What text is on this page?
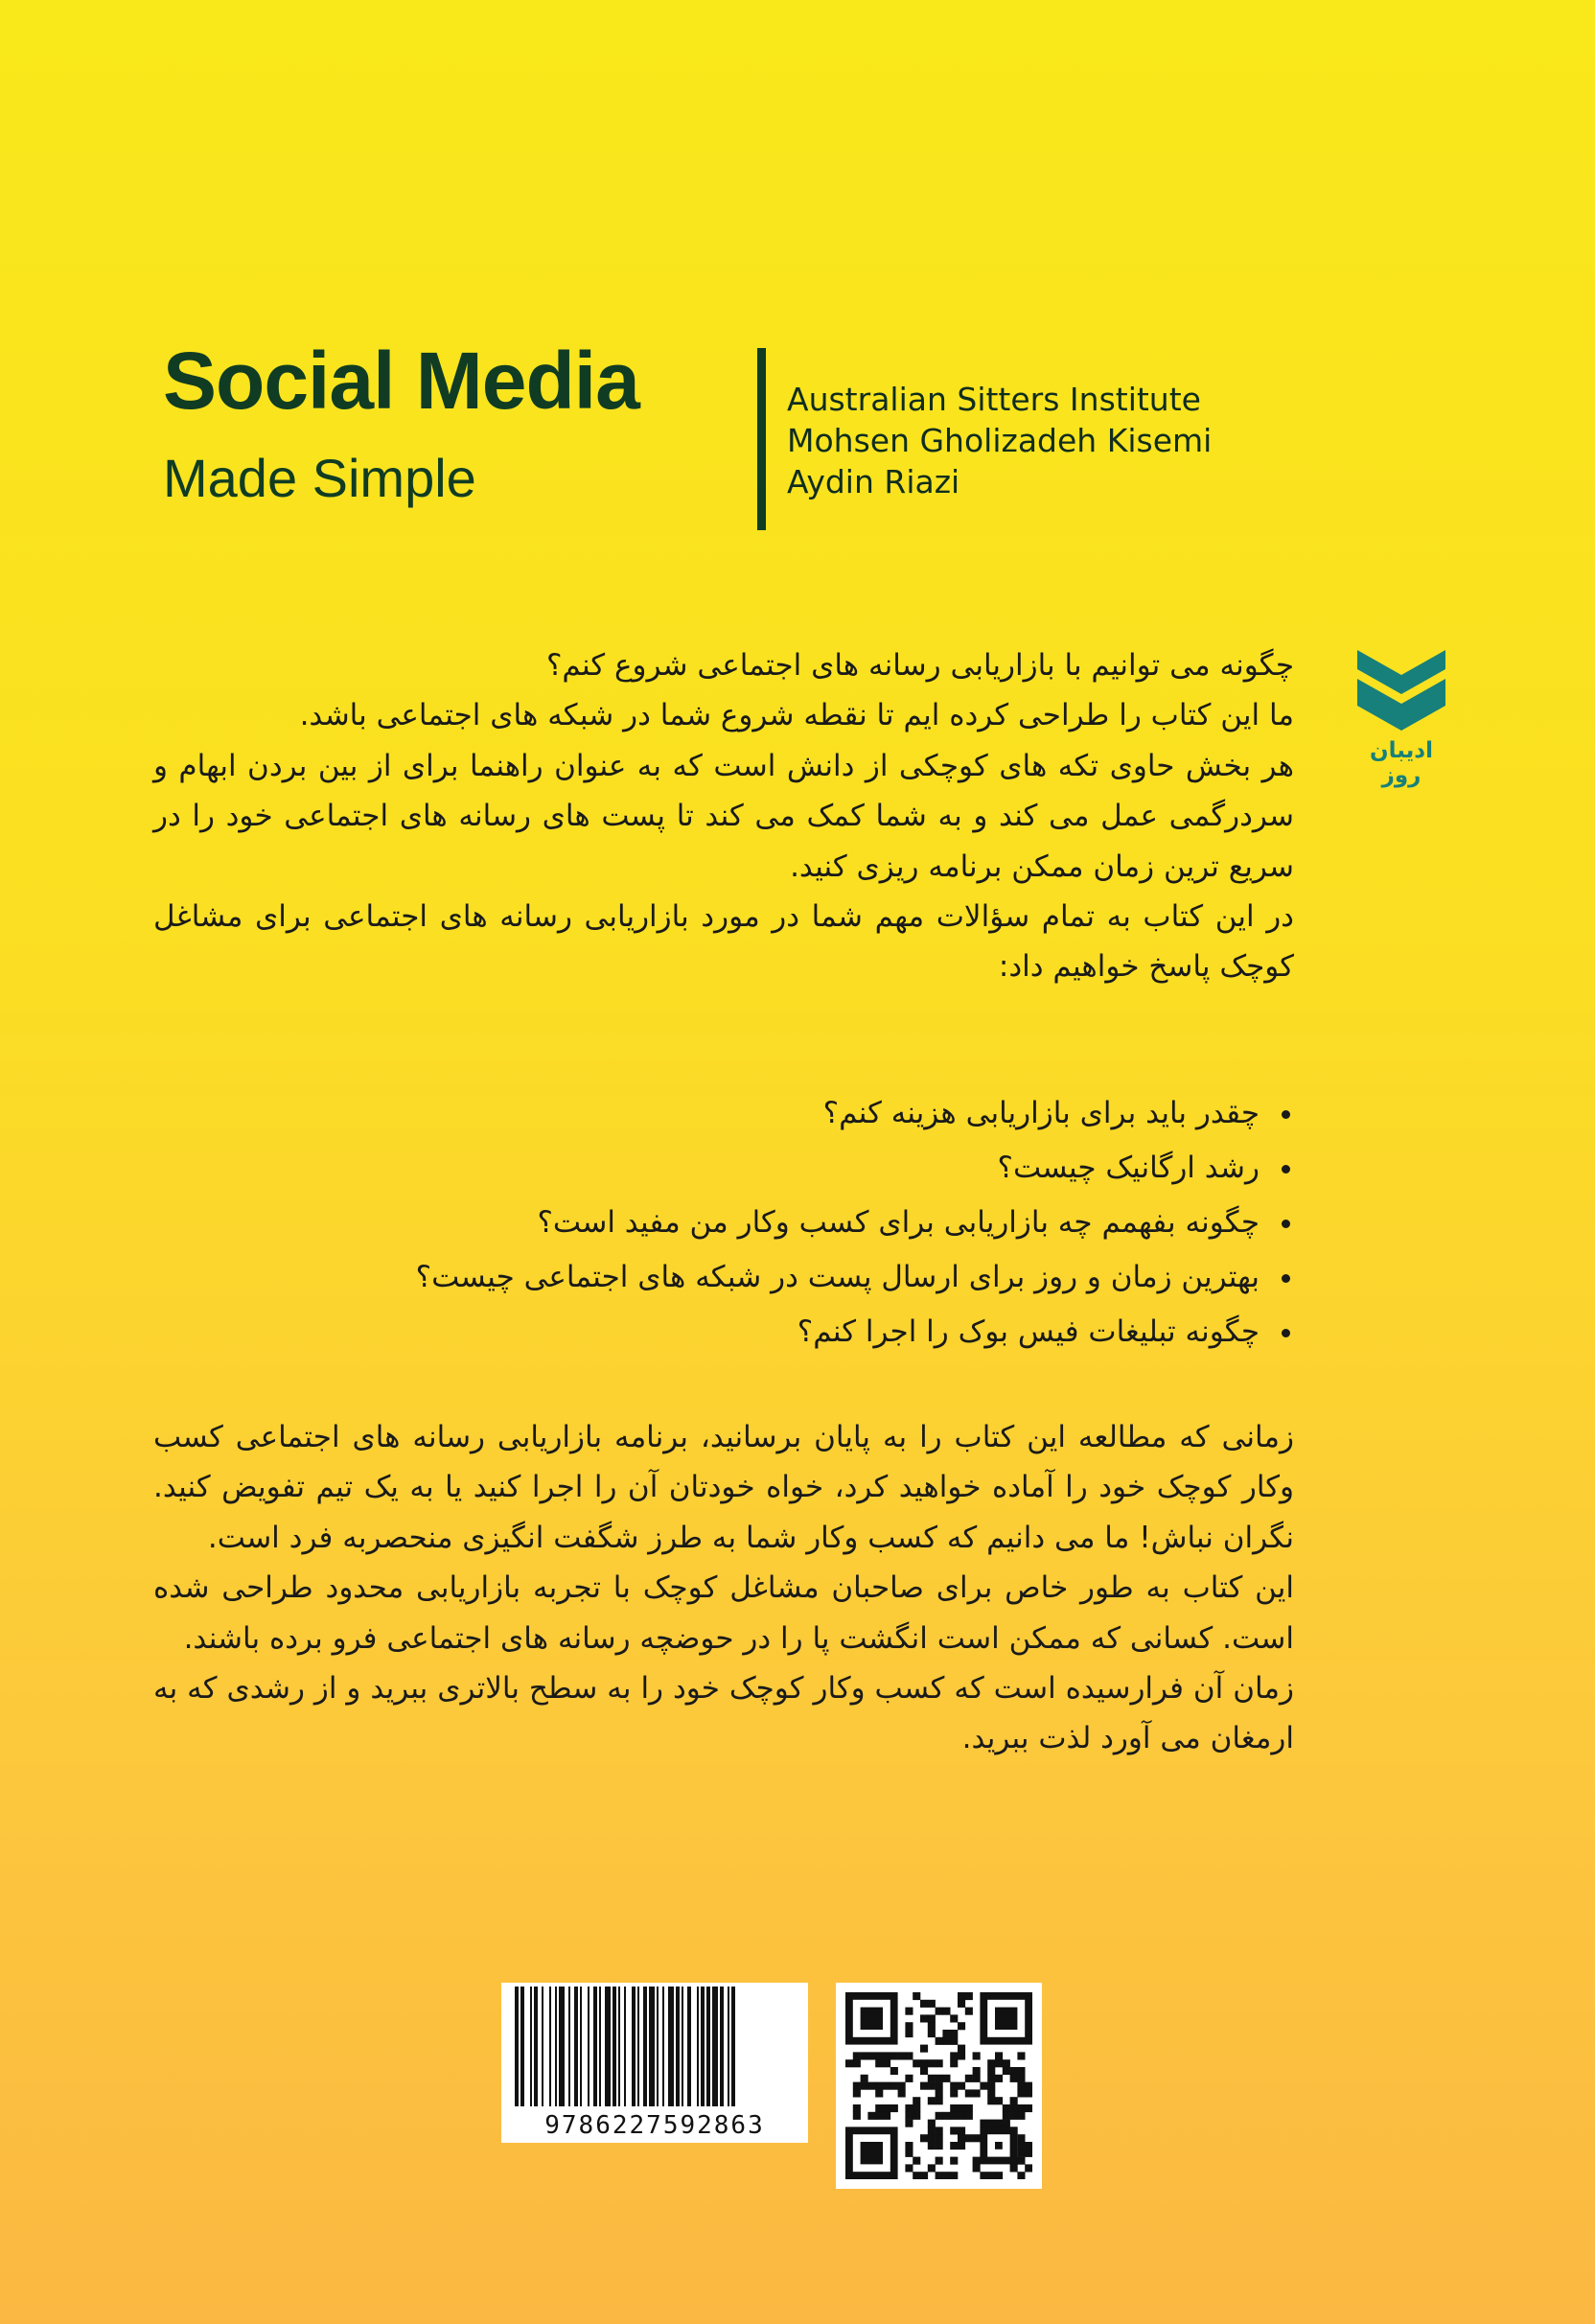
Social Media
Made Simple
Australian Sitters Institute
Mohsen Gholizadeh Kisemi
Aydin Riazi
ادیبان روز

چگونه می توانیم با بازاریابی رسانه های اجتماعی شروع کنم؟

ما این کتاب را طراحی کرده ایم تا نقطه شروع شما در شبکه های اجتماعی باشد.

هر بخش حاوی تکه های کوچکی از دانش است که به عنوان راهنما برای از بین بردن ابهام و سردرگمی عمل می کند و به شما کمک می کند تا پست های رسانه های اجتماعی خود را در سریع ترین زمان ممکن برنامه ریزی کنید.

در این کتاب به تمام سؤالات مهم شما در مورد بازاریابی رسانه های اجتماعی برای مشاغل کوچک پاسخ خواهیم داد:

چقدر باید برای بازاریابی هزینه کنم؟
رشد ارگانیک چیست؟
چگونه بفهمم چه بازاریابی برای کسب وکار من مفید است؟
بهترین زمان و روز برای ارسال پست در شبکه های اجتماعی چیست؟
چگونه تبلیغات فیس بوک را اجرا کنم؟

زمانی که مطالعه این کتاب را به پایان برسانید، برنامه بازاریابی رسانه های اجتماعی کسب وکار کوچک خود را آماده خواهید کرد، خواه خودتان آن را اجرا کنید یا به یک تیم تفویض کنید. نگران نباش! ما می دانیم که کسب وکار شما به طرز شگفت انگیزی منحصربه فرد است.

این کتاب به طور خاص برای صاحبان مشاغل کوچک با تجربه بازاریابی محدود طراحی شده است. کسانی که ممکن است انگشت پا را در حوضچه رسانه های اجتماعی فرو برده باشند.

زمان آن فرارسیده است که کسب وکار کوچک خود را به سطح بالاتری ببرید و از رشدی که به ارمغان می آورد لذت ببرید.

9786227592863
